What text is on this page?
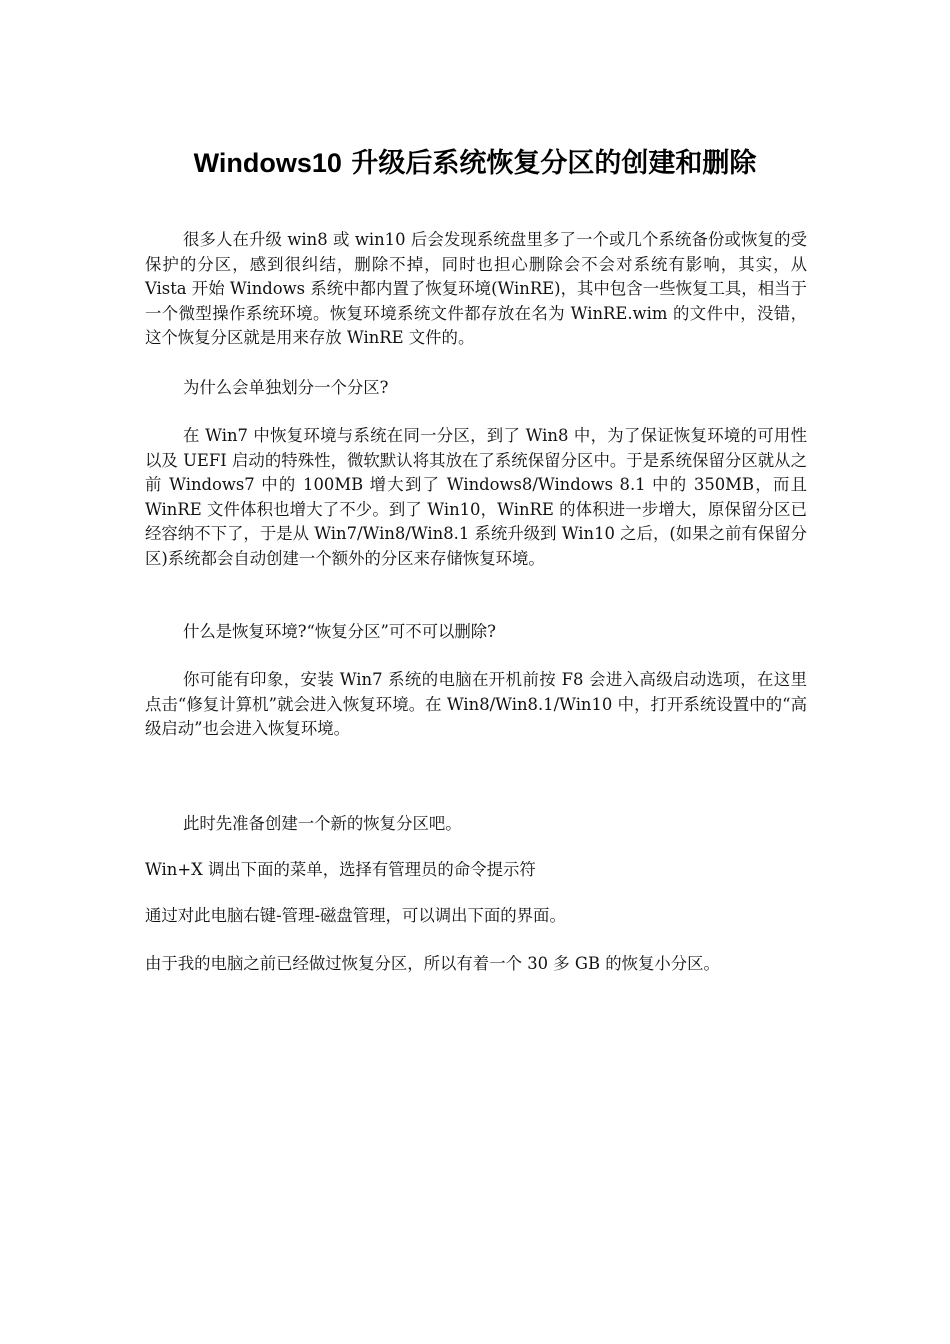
Windows10 升级后系统恢复分区的创建和删除

很多人在升级 win8 或 win10 后会发现系统盘里多了一个或几个系统备份或恢复的受保护的分区，感到很纠结，删除不掉，同时也担心删除会不会对系统有影响，其实，从 Vista 开始 Windows 系统中都内置了恢复环境(WinRE)，其中包含一些恢复工具，相当于一个微型操作系统环境。恢复环境系统文件都存放在名为 WinRE.wim 的文件中，没错，这个恢复分区就是用来存放 WinRE 文件的。

为什么会单独划分一个分区?

在 Win7 中恢复环境与系统在同一分区，到了 Win8 中，为了保证恢复环境的可用性以及 UEFI 启动的特殊性，微软默认将其放在了系统保留分区中。于是系统保留分区就从之前 Windows7 中的 100MB 增大到了 Windows8/Windows 8.1 中的 350MB，而且 WinRE 文件体积也增大了不少。到了 Win10，WinRE 的体积进一步增大，原保留分区已经容纳不下了，于是从 Win7/Win8/Win8.1 系统升级到 Win10 之后，(如果之前有保留分区)系统都会自动创建一个额外的分区来存储恢复环境。

什么是恢复环境?“恢复分区”可不可以删除?

你可能有印象，安装 Win7 系统的电脑在开机前按 F8 会进入高级启动选项，在这里点击“修复计算机”就会进入恢复环境。在 Win8/Win8.1/Win10 中，打开系统设置中的“高级启动”也会进入恢复环境。

此时先准备创建一个新的恢复分区吧。

Win+X 调出下面的菜单，选择有管理员的命令提示符

通过对此电脑右键-管理-磁盘管理，可以调出下面的界面。

由于我的电脑之前已经做过恢复分区，所以有着一个 30 多 GB 的恢复小分区。
